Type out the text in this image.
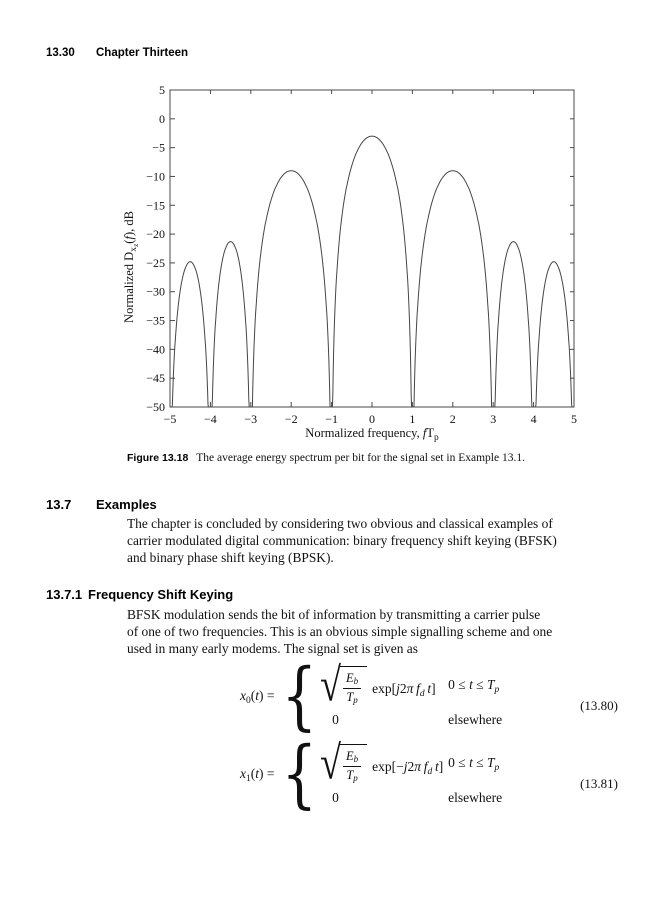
13.30 Chapter Thirteen
−5 −4 −3 −2 −1	0	1	2	3	4	5
5
0
−5
−10
−15
−20
−25
−30
−35
−40
−45
−50
Normalized $D_{xz}(f)$, dB
Normalized frequency, $fT_p$
Figure 13.18 The average energy spectrum per bit for the signal set in Example 13.1.
13.7 Examples
The chapter is concluded by considering two obvious and classical examples of
carrier modulated digital communication: binary frequency shift keying (BFSK)
and binary phase shift keying (BPSK).
13.7.1 Frequency Shift Keying
BFSK modulation sends the bit of information by transmitting a carrier pulse
of one of two frequencies. This is an obvious simple signalling scheme and one
used in many early modems. The signal set is given as
$x_0(t)$ = { √ $\frac{Eb}{Tp} \exp[j2\pi$  $f_d$  t] $0 \le t \le T_p$
0	elsewhere
(13.80)
$x_1(t)$ = { √ $\frac{Eb}{Tp} \exp[-j2\pi$  $f_d$  t] $0 \le t \le T_p$
0	elsewhere
(13.81)
